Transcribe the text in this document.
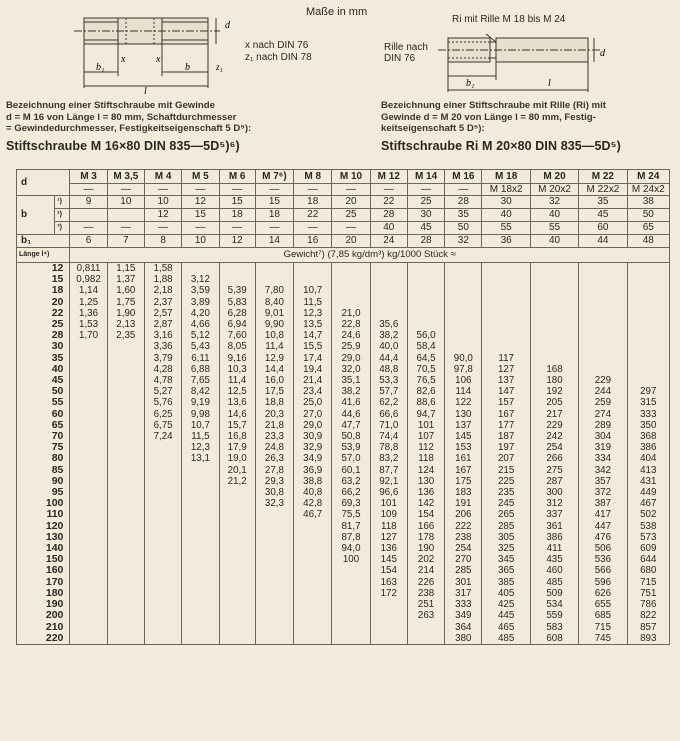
Maße in mm
d
b₁
x	x
b	z₁
l
x nach DIN 76
z₁ nach DIN 78
Ri mit Rille M 18 bis M 24
Rille nach
DIN 76	d
b₁	l
Bezeichnung einer Stiftschraube mit Gewinde
d = M 16 von Länge l = 80 mm, Schaftdurchmesser
= Gewindedurchmesser, Festigkeitseigenschaft 5 D⁵):
Stiftschraube M 16×80 DIN 835—5D⁵)⁶)
Bezeichnung einer Stiftschraube mit Rille (Ri) mit
Gewinde d = M 20 von Länge l = 80 mm, Festig-
keitseigenschaft 5 D⁵):
Stiftschraube Ri M 20×80 DIN 835—5D⁵)
d		M 3	M 3,5	M 4	M 5	M 6	M 7⁶)	M 8	M 10	M 12	M 14	M 16	M 18	M 20	M 22	M 24
		—	—	—	—	—	—	—	—	—	—	—	M 18x2	M 20x2	M 22x2	M 24x2
b	¹)	9	10	10	12	15	15	18	20	22	25	28	30	32	35	38
	²)			12	15	18	18	22	25	28	30	35	40	40	45	50
	³)	—	—	—	—	—	—	—	—	40	45	50	55	55	60	65
b₁		6	7	8	10	12	14	16	20	24	28	32	36	40	44	48
Länge l⁴)		Gewicht⁷) (7,85 kg/dm³) kg/1000 Stück ≈														
12		0,811	1,15	1,58												
15		0,982	1,37	1,88	3,12											
18		1,14	1,60	2,18	3,59	5,39	7,80	10,7								
20		1,25	1,75	2,37	3,89	5,83	8,40	11,5								
22		1,36	1,90	2,57	4,20	6,28	9,01	12,3	21,0							
25		1,53	2,13	2,87	4,66	6,94	9,90	13,5	22,8	35,6						
28		1,70	2,35	3,16	5,12	7,60	10,8	14,7	24,6	38,2	56,0					
30				3,36	5,43	8,05	11,4	15,5	25,9	40,0	58,4					
35				3,79	6,11	9,16	12,9	17,4	29,0	44,4	64,5	90,0	117			
40				4,28	6,88	10,3	14,4	19,4	32,0	48,8	70,5	97,8	127	168		
45				4,78	7,65	11,4	16,0	21,4	35,1	53,3	76,5	106	137	180	229	
50				5,27	8,42	12,5	17,5	23,4	38,2	57,7	82,6	114	147	192	244	297
55				5,76	9,19	13,6	18,8	25,0	41,6	62,2	88,6	122	157	205	259	315
60				6,25	9,98	14,6	20,3	27,0	44,6	66,6	94,7	130	167	217	274	333
65				6,75	10,7	15,7	21,8	29,0	47,7	71,0	101	137	177	229	289	350
70				7,24	11,5	16,8	23,3	30,9	50,8	74,4	107	145	187	242	304	368
75					12,3	17,9	24,8	32,9	53,9	78,8	112	153	197	254	319	386
80					13,1	19,0	26,3	34,9	57,0	83,2	118	161	207	266	334	404
85						20,1	27,8	36,9	60,1	87,7	124	167	215	275	342	413
90						21,2	29,3	38,8	63,2	92,1	130	175	225	287	357	431
95							30,8	40,8	66,2	96,6	136	183	235	300	372	449
100							32,3	42,8	69,3	101	142	191	245	312	387	467
110								46,7	75,5	109	154	206	265	337	417	502
120									81,7	118	166	222	285	361	447	538
130									87,8	127	178	238	305	386	476	573
140									94,0	136	190	254	325	411	506	609
150									100	145	202	270	345	435	536	644
160										154	214	285	365	460	566	680
170										163	226	301	385	485	596	715
180										172	238	317	405	509	626	751
190											251	333	425	534	655	786
200											263	349	445	559	685	822
210												364	465	583	715	857
220												380	485	608	745	893
